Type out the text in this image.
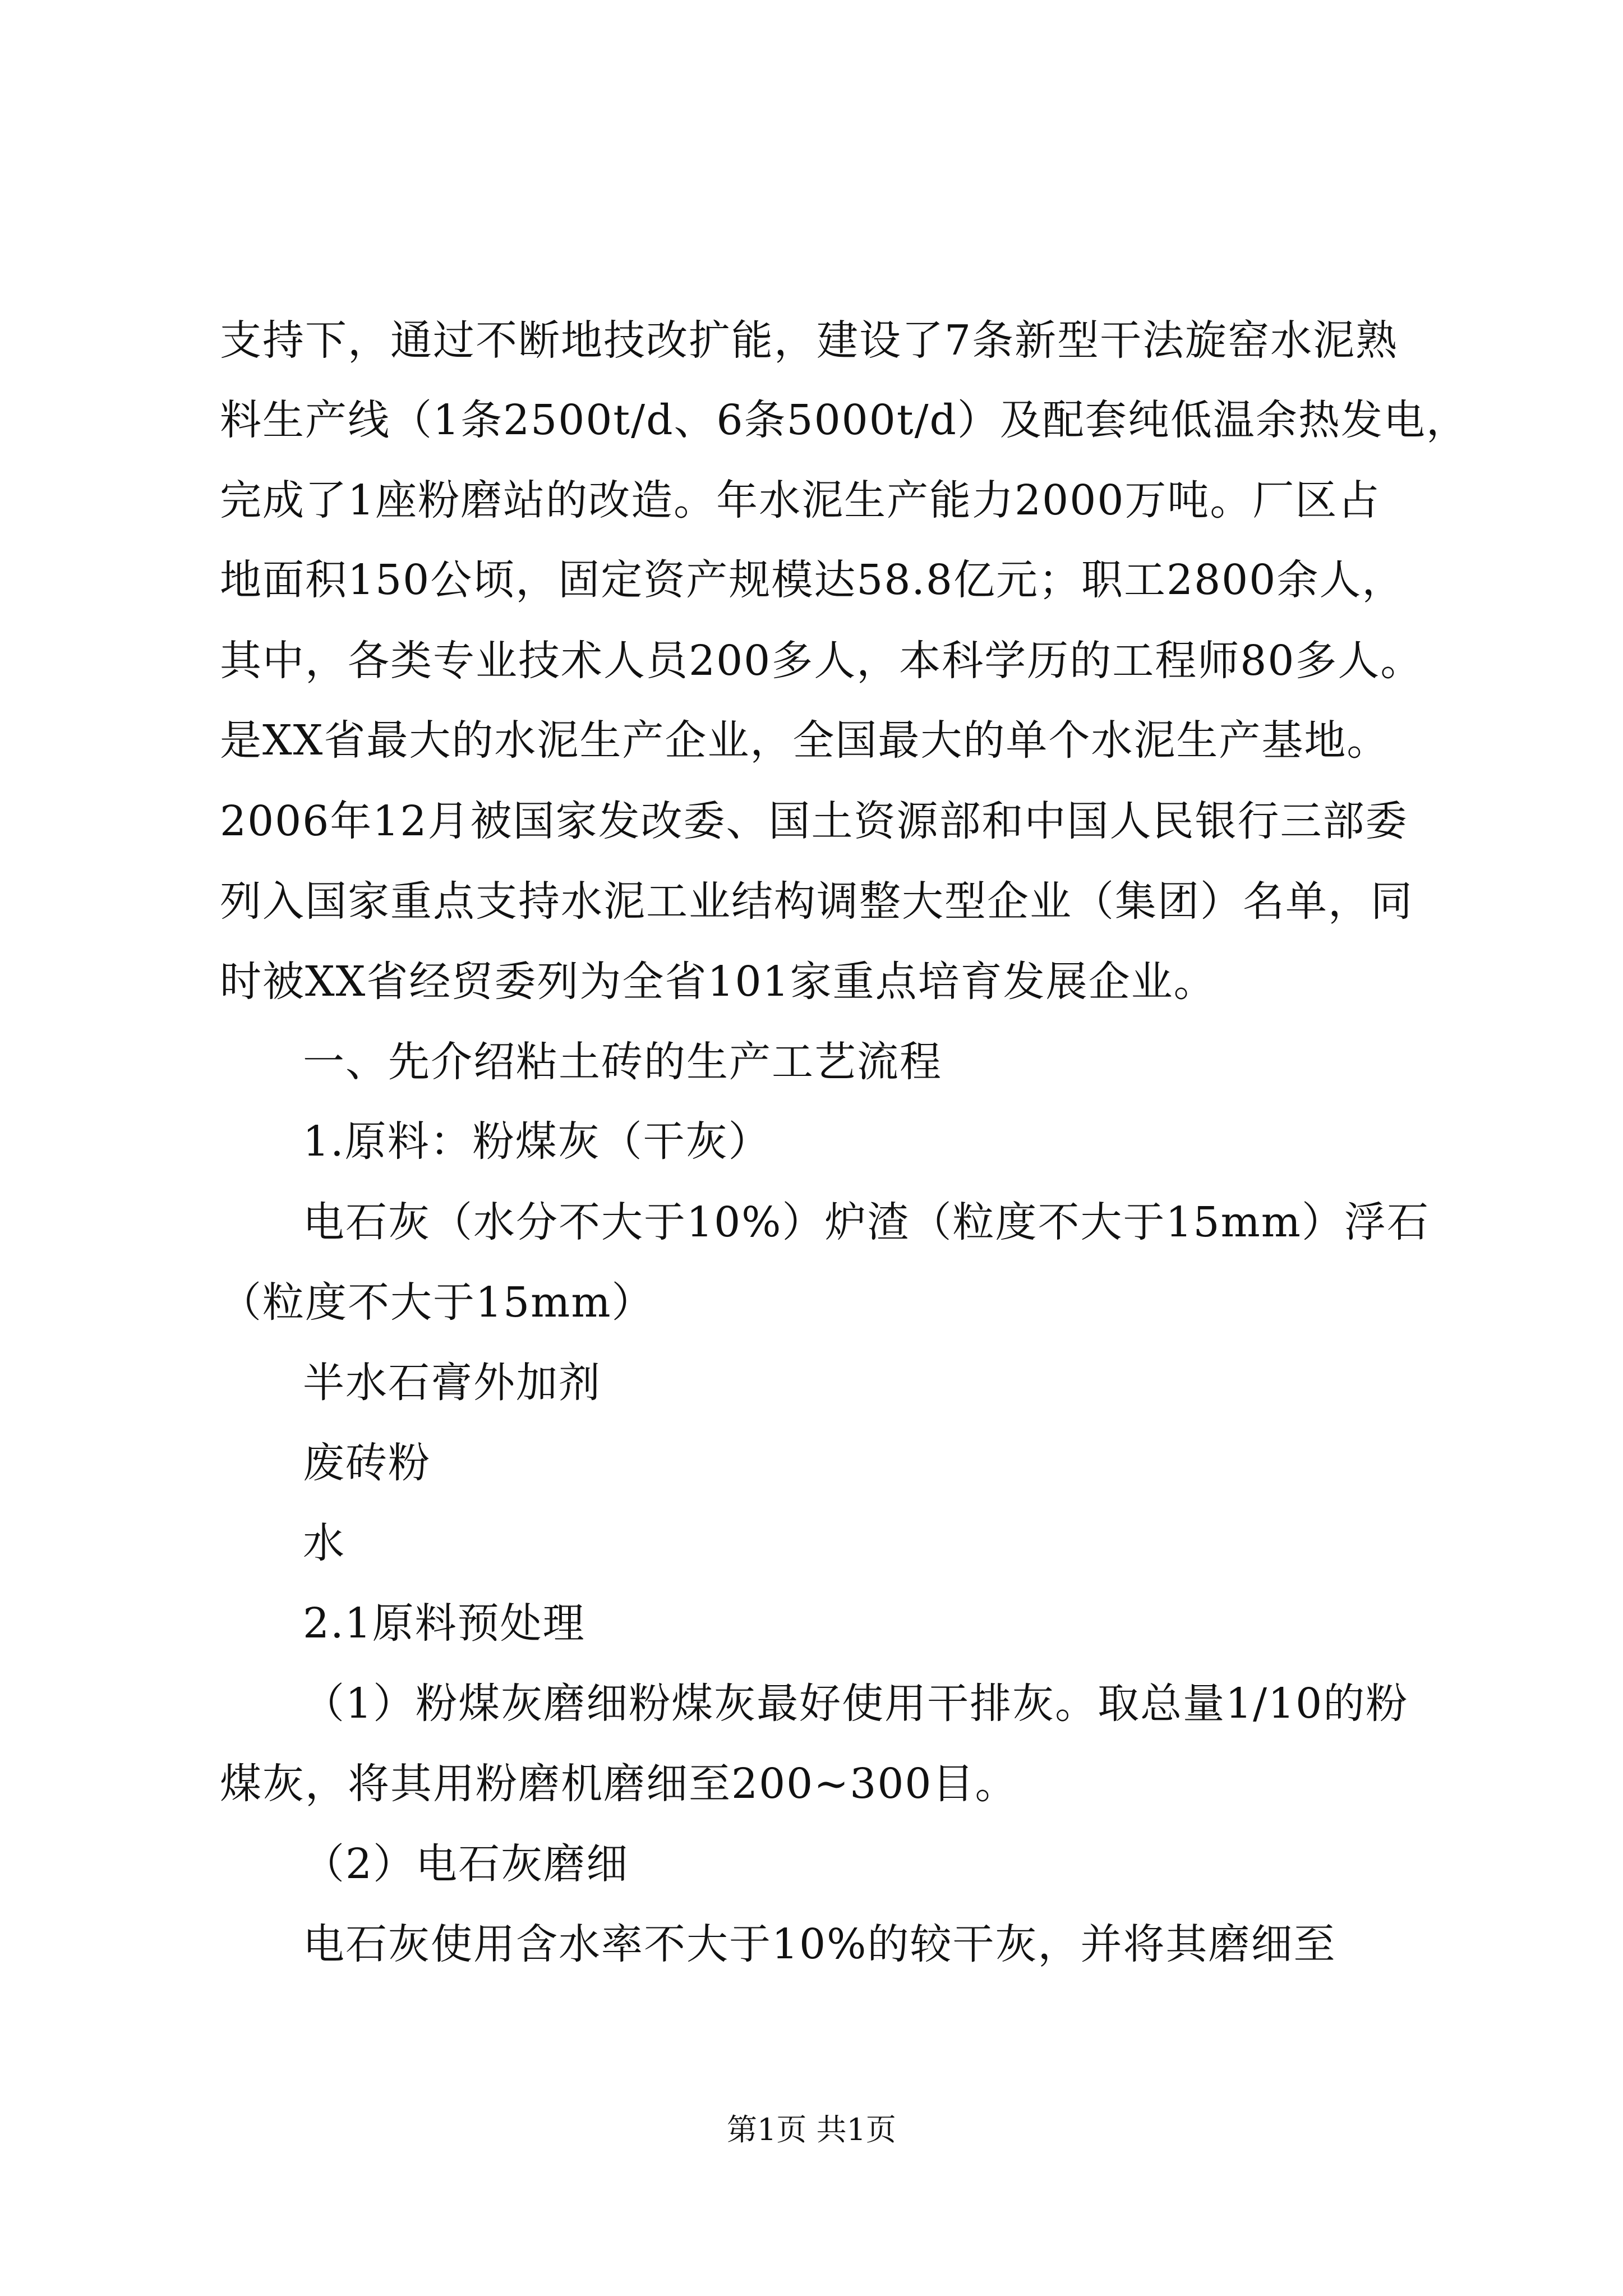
支持下，通过不断地技改扩能，建设了7条新型干法旋窑水泥熟
料生产线（1条2500t/d、6条5000t/d）及配套纯低温余热发电，
完成了1座粉磨站的改造。年水泥生产能力2000万吨。厂区占
地面积150公顷，固定资产规模达58.8亿元；职工2800余人，
其中，各类专业技术人员200多人，本科学历的工程师80多人。
是XX省最大的水泥生产企业，全国最大的单个水泥生产基地。
2006年12月被国家发改委、国土资源部和中国人民银行三部委
列入国家重点支持水泥工业结构调整大型企业（集团）名单，同
时被XX省经贸委列为全省101家重点培育发展企业。
一、先介绍粘土砖的生产工艺流程
1.原料：粉煤灰（干灰）
电石灰（水分不大于10%）炉渣（粒度不大于15mm）浮石
（粒度不大于15mm）
半水石膏外加剂
废砖粉
水
2.1原料预处理
（1）粉煤灰磨细粉煤灰最好使用干排灰。取总量1/10的粉
煤灰，将其用粉磨机磨细至200~300目。
（2）电石灰磨细
电石灰使用含水率不大于10%的较干灰，并将其磨细至
第1页 共1页
